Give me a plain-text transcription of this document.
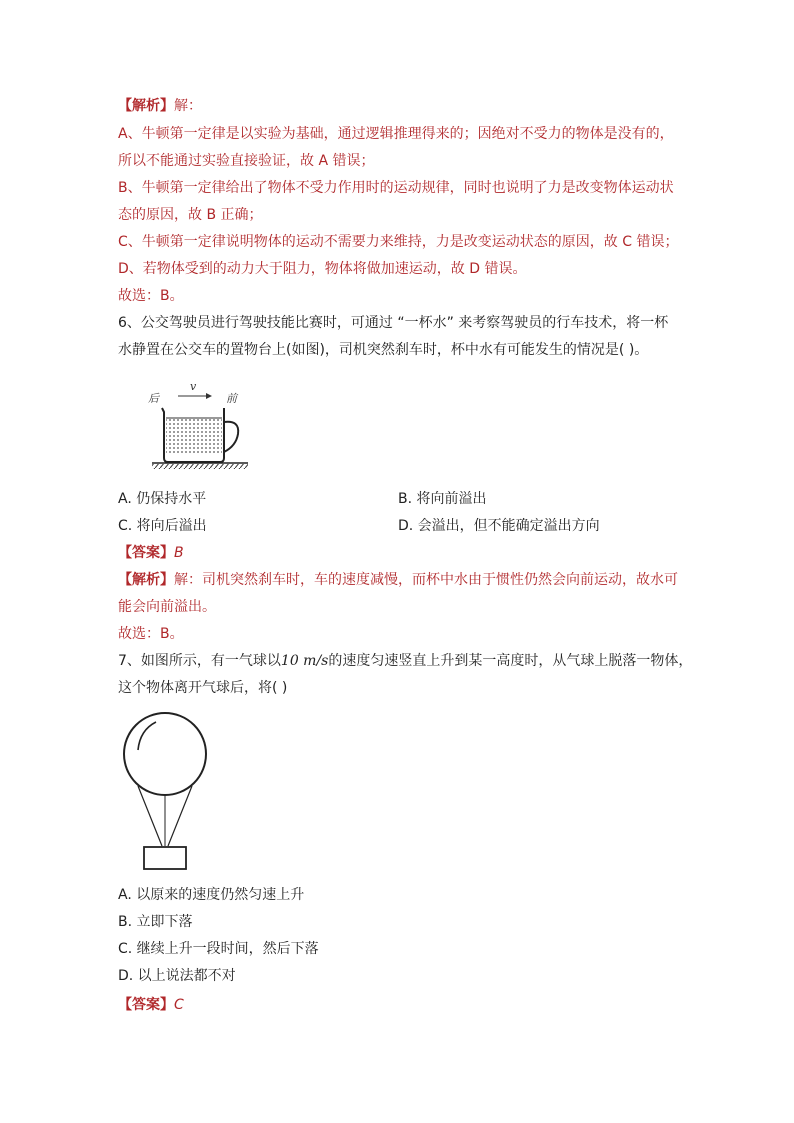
【解析】解：
A、牛顿第一定律是以实验为基础，通过逻辑推理得来的；因绝对不受力的物体是没有的，
所以不能通过实验直接验证，故 A 错误；
B、牛顿第一定律给出了物体不受力作用时的运动规律，同时也说明了力是改变物体运动状
态的原因，故 B 正确；
C、牛顿第一定律说明物体的运动不需要力来维持，力是改变运动状态的原因，故 C 错误；
D、若物体受到的动力大于阻力，物体将做加速运动，故 D 错误。
故选：B。
6、公交驾驶员进行驾驶技能比赛时，可通过 “一杯水” 来考察驾驶员的行车技术，将一杯
水静置在公交车的置物台上(如图)，司机突然刹车时，杯中水有可能发生的情况是( )。
后	前
v
A. 仍保持水平	B. 将向前溢出
C. 将向后溢出	D. 会溢出，但不能确定溢出方向
【答案】B
【解析】解：司机突然刹车时，车的速度减慢，而杯中水由于惯性仍然会向前运动，故水可
能会向前溢出。
故选：B。
7、如图所示，有一气球以10 m/s的速度匀速竖直上升到某一高度时，从气球上脱落一物体，
这个物体离开气球后，将( )
A. 以原来的速度仍然匀速上升
B. 立即下落
C. 继续上升一段时间，然后下落
D. 以上说法都不对
【答案】C
